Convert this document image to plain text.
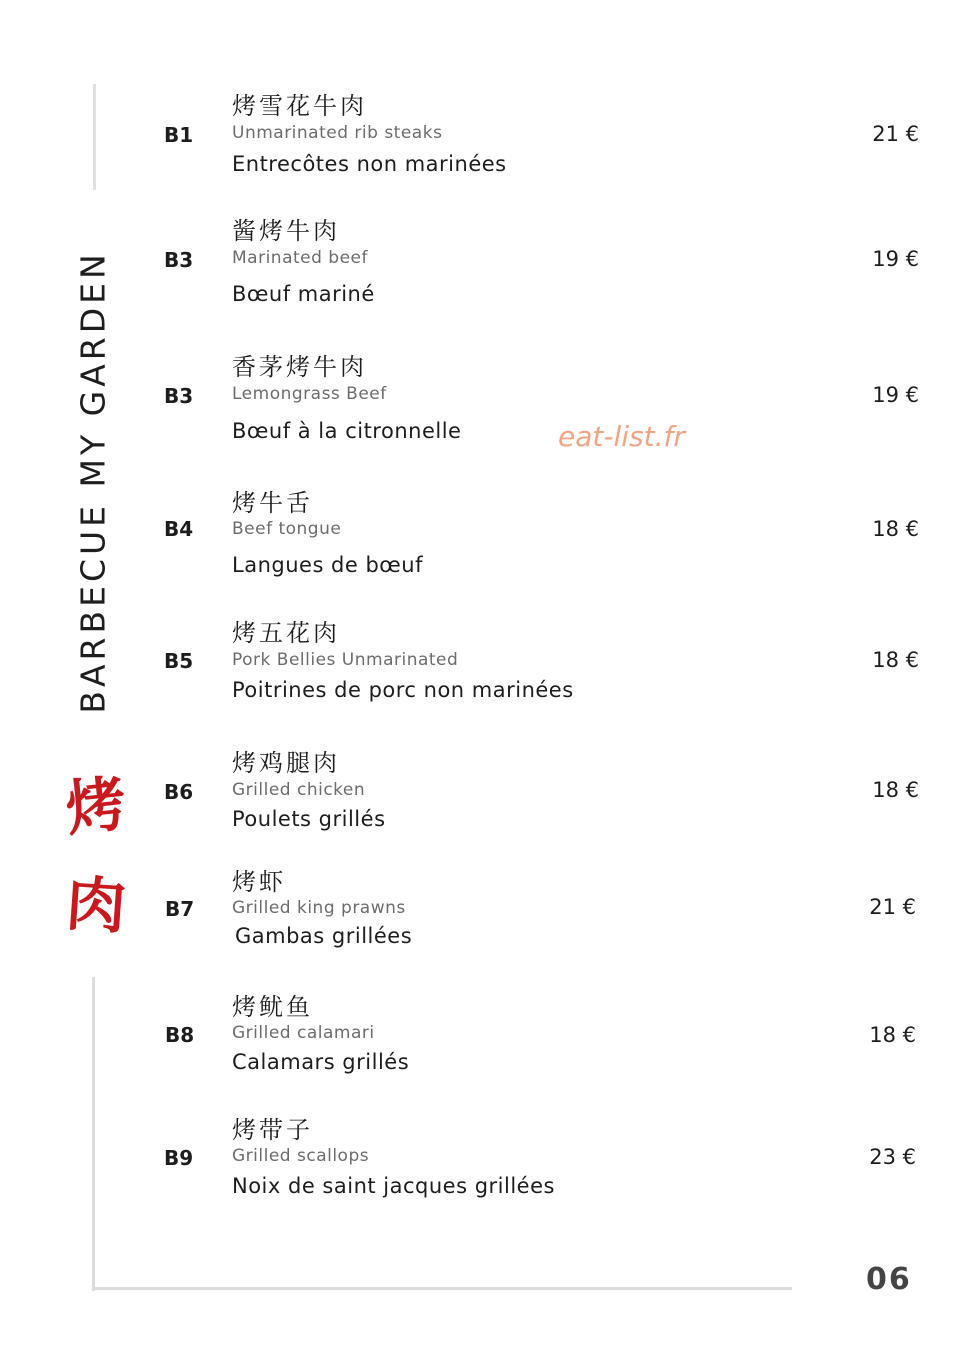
BARBECUE MY GARDEN
烤
肉
烤雪花牛肉
B1 Unmarinated rib steaks
Entrecôtes non marinées
21 €
酱烤牛肉
B3 Marinated beef
Bœuf mariné
19 €
香茅烤牛肉
B3 Lemongrass Beef
Bœuf à la citronnelle
19 €
烤牛舌
B4 Beef tongue
Langues de bœuf
18 €
烤五花肉
B5 Pork Bellies Unmarinated
Poitrines de porc non marinées
18 €
烤鸡腿肉
B6 Grilled chicken
Poulets grillés
18 €
烤虾
B7 Grilled king prawns
Gambas grillées
21 €
烤鱿鱼
B8 Grilled calamari
Calamars grillés
18 €
烤带子
B9 Grilled scallops
Noix de saint jacques grillées
23 €
eat-list.fr
06
